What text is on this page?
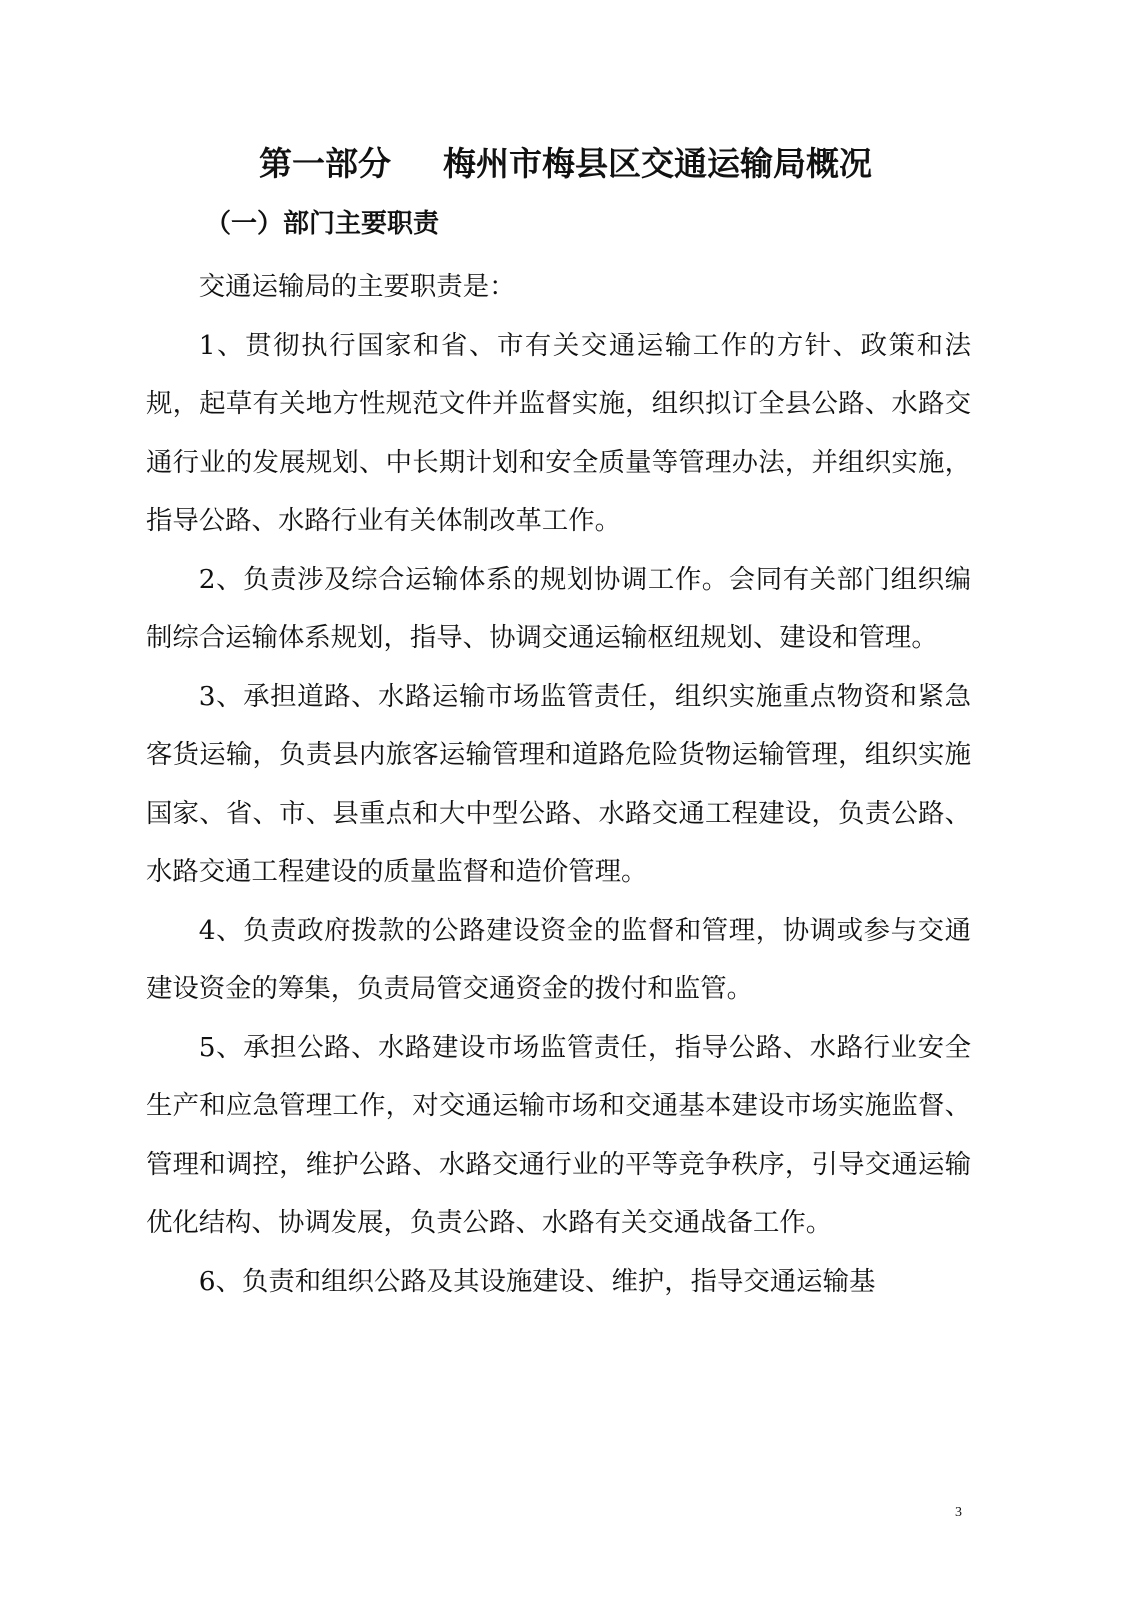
第一部分 梅州市梅县区交通运输局概况
（一）部门主要职责

交通运输局的主要职责是：

1、贯彻执行国家和省、市有关交通运输工作的方针、政策和法规，起草有关地方性规范文件并监督实施，组织拟订全县公路、水路交通行业的发展规划、中长期计划和安全质量等管理办法，并组织实施，指导公路、水路行业有关体制改革工作。

2、负责涉及综合运输体系的规划协调工作。会同有关部门组织编制综合运输体系规划，指导、协调交通运输枢纽规划、建设和管理。

3、承担道路、水路运输市场监管责任，组织实施重点物资和紧急客货运输，负责县内旅客运输管理和道路危险货物运输管理，组织实施国家、省、市、县重点和大中型公路、水路交通工程建设，负责公路、水路交通工程建设的质量监督和造价管理。

4、负责政府拨款的公路建设资金的监督和管理，协调或参与交通建设资金的筹集，负责局管交通资金的拨付和监管。

5、承担公路、水路建设市场监管责任，指导公路、水路行业安全生产和应急管理工作，对交通运输市场和交通基本建设市场实施监督、管理和调控，维护公路、水路交通行业的平等竞争秩序，引导交通运输优化结构、协调发展，负责公路、水路有关交通战备工作。

6、负责和组织公路及其设施建设、维护，指导交通运输基

3
